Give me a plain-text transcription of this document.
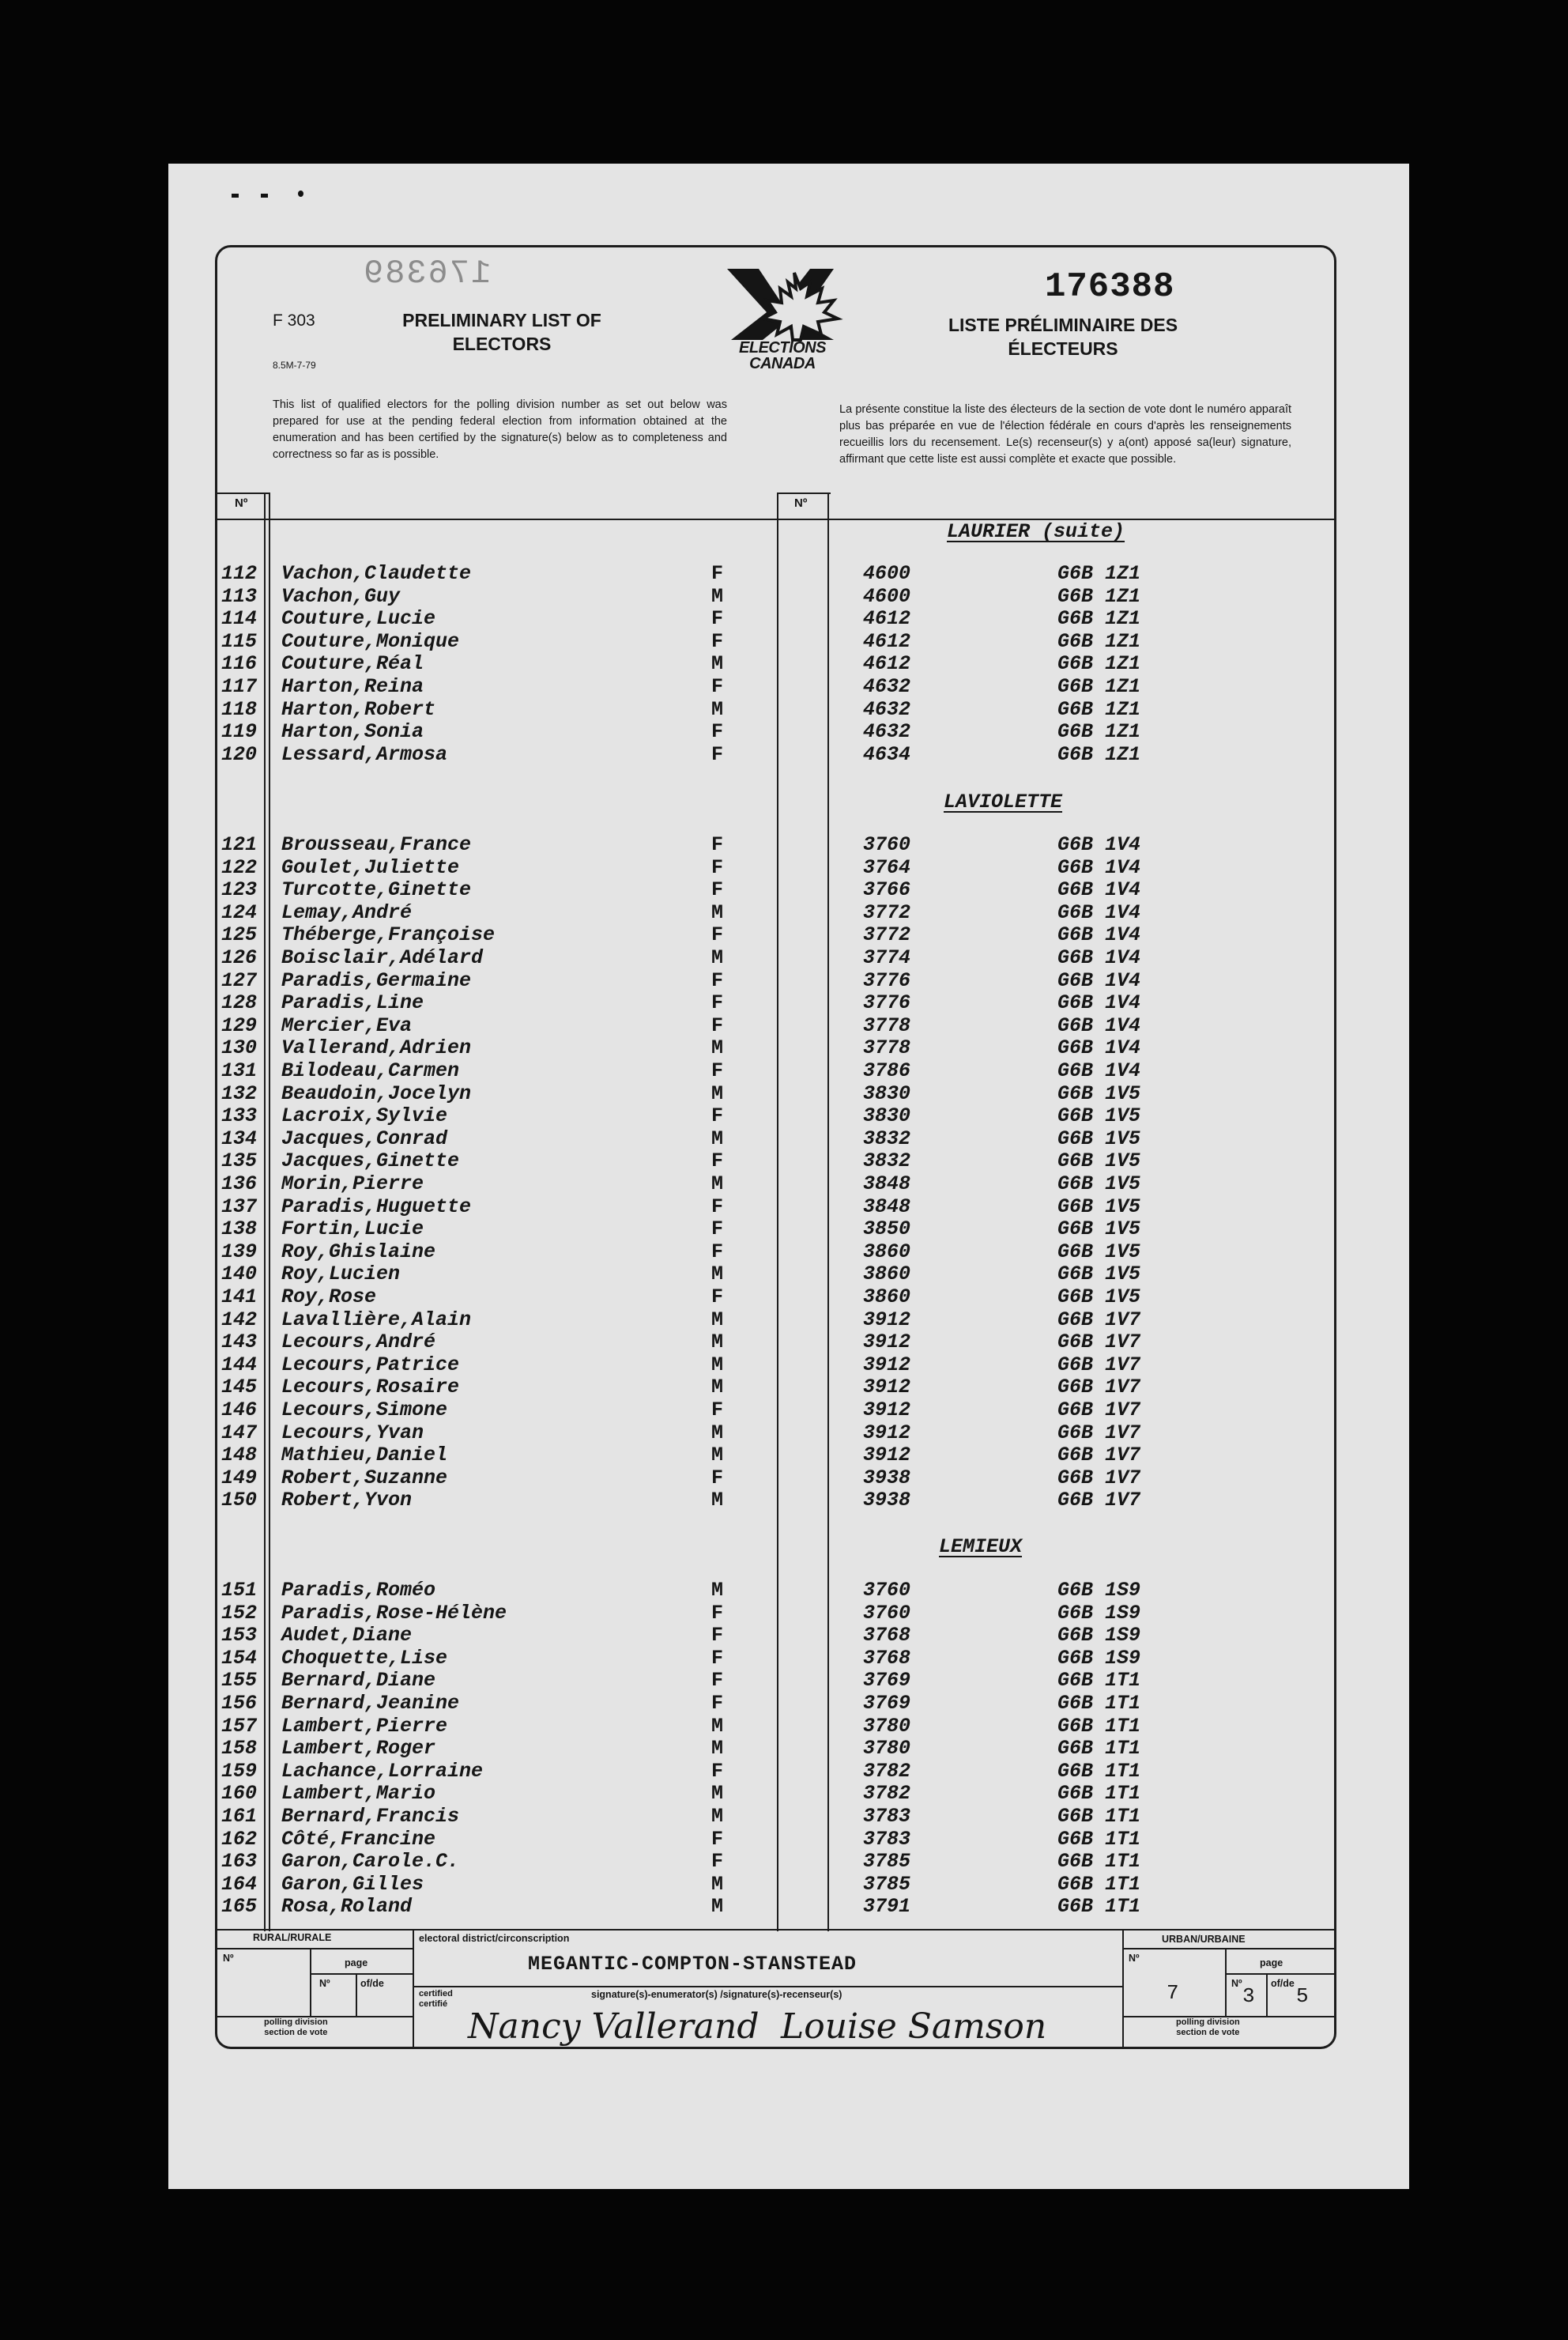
176389	176388
F 303
8.5M-7-79
PRELIMINARY LIST OF
ELECTORS
LISTE PRÉLIMINAIRE DES
ÉLECTEURS
ELECTIONS
CANADA
This list of qualified electors for the polling division number as set out below was prepared for use at the pending federal election from information obtained at the enumeration and has been certified by the signature(s) below as to completeness and correctness so far as is possible.
La présente constitue la liste des électeurs de la section de vote dont le numéro apparaît plus bas préparée en vue de l'élection fédérale en cours d'après les renseignements recueillis lors du recensement. Le(s) recenseur(s) y a(ont) apposé sa(leur) signature, affirmant que cette liste est aussi complète et exacte que possible.
Nº	Nº
LAURIER (suite)
LAVIOLETTE
LEMIEUX
112 Vachon,Claudette	F	4600	G6B 1Z1
113 Vachon,Guy	M	4600	G6B 1Z1
114 Couture,Lucie	F	4612	G6B 1Z1
115 Couture,Monique	F	4612	G6B 1Z1
116 Couture,Réal	M	4612	G6B 1Z1
117 Harton,Reina	F	4632	G6B 1Z1
118 Harton,Robert	M	4632	G6B 1Z1
119 Harton,Sonia	F	4632	G6B 1Z1
120 Lessard,Armosa	F	4634	G6B 1Z1
121 Brousseau,France	F	3760	G6B 1V4
122 Goulet,Juliette	F	3764	G6B 1V4
123 Turcotte,Ginette	F	3766	G6B 1V4
124 Lemay,André	M	3772	G6B 1V4
125 Théberge,Françoise	F	3772	G6B 1V4
126 Boisclair,Adélard	M	3774	G6B 1V4
127 Paradis,Germaine	F	3776	G6B 1V4
128 Paradis,Line	F	3776	G6B 1V4
129 Mercier,Eva	F	3778	G6B 1V4
130 Vallerand,Adrien	M	3778	G6B 1V4
131 Bilodeau,Carmen	F	3786	G6B 1V4
132 Beaudoin,Jocelyn	M	3830	G6B 1V5
133 Lacroix,Sylvie	F	3830	G6B 1V5
134 Jacques,Conrad	M	3832	G6B 1V5
135 Jacques,Ginette	F	3832	G6B 1V5
136 Morin,Pierre	M	3848	G6B 1V5
137 Paradis,Huguette	F	3848	G6B 1V5
138 Fortin,Lucie	F	3850	G6B 1V5
139 Roy,Ghislaine	F	3860	G6B 1V5
140 Roy,Lucien	M	3860	G6B 1V5
141 Roy,Rose	F	3860	G6B 1V5
142 Lavallière,Alain	M	3912	G6B 1V7
143 Lecours,André	M	3912	G6B 1V7
144 Lecours,Patrice	M	3912	G6B 1V7
145 Lecours,Rosaire	M	3912	G6B 1V7
146 Lecours,Simone	F	3912	G6B 1V7
147 Lecours,Yvan	M	3912	G6B 1V7
148 Mathieu,Daniel	M	3912	G6B 1V7
149 Robert,Suzanne	F	3938	G6B 1V7
150 Robert,Yvon	M	3938	G6B 1V7
151 Paradis,Roméo	M	3760	G6B 1S9
152 Paradis,Rose-Hélène	F	3760	G6B 1S9
153 Audet,Diane	F	3768	G6B 1S9
154 Choquette,Lise	F	3768	G6B 1S9
155 Bernard,Diane	F	3769	G6B 1T1
156 Bernard,Jeanine	F	3769	G6B 1T1
157 Lambert,Pierre	M	3780	G6B 1T1
158 Lambert,Roger	M	3780	G6B 1T1
159 Lachance,Lorraine	F	3782	G6B 1T1
160 Lambert,Mario	M	3782	G6B 1T1
161 Bernard,Francis	M	3783	G6B 1T1
162 Côté,Francine	F	3783	G6B 1T1
163 Garon,Carole.C.	F	3785	G6B 1T1
164 Garon,Gilles	M	3785	G6B 1T1
165 Rosa,Roland	M	3791	G6B 1T1
RURAL/RURALE
Nº	page
Nº	of/de
polling division
section de vote
electoral district/circonscription
MEGANTIC-COMPTON-STANSTEAD
certified
certifié
signature(s)-enumerator(s) /signature(s)-recenseur(s)
Nancy Vallerand Louise Samson
URBAN/URBAINE
Nº	page
Nº	of/de
7	3 5
polling division
section de vote
